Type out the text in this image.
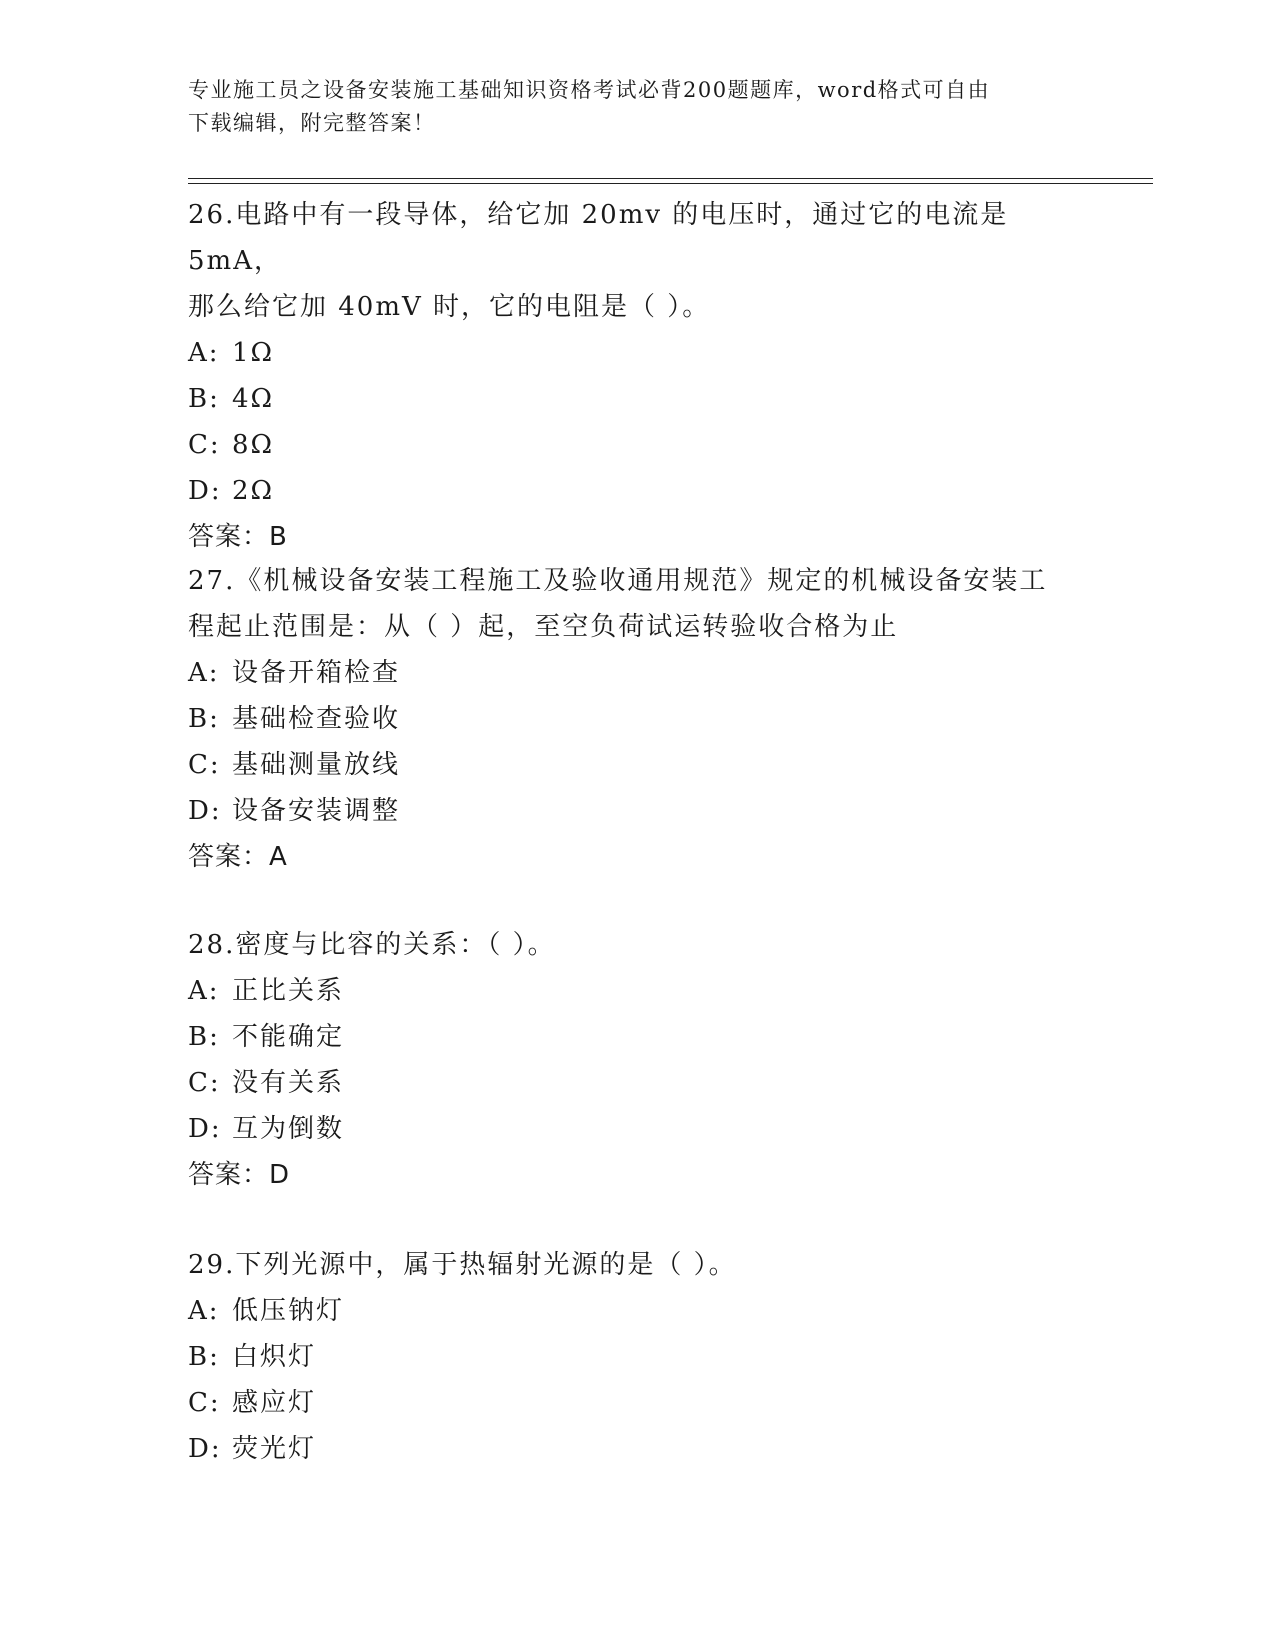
专业施工员之设备安装施工基础知识资格考试必背200题题库，word格式可自由
下载编辑，附完整答案！

26.电路中有一段导体，给它加 20mv 的电压时，通过它的电流是 5mA，

那么给它加 40mV 时，它的电阻是（ ）。

A: 1Ω

B: 4Ω

C: 8Ω

D: 2Ω

答案：B

27.《机械设备安装工程施工及验收通用规范》规定的机械设备安装工

程起止范围是：从（ ）起，至空负荷试运转验收合格为止

A: 设备开箱检查

B: 基础检查验收

C: 基础测量放线

D: 设备安装调整

答案：A

28.密度与比容的关系：（ ）。

A: 正比关系

B: 不能确定

C: 没有关系

D: 互为倒数

答案：D

29.下列光源中，属于热辐射光源的是（ ）。

A: 低压钠灯

B: 白炽灯

C: 感应灯

D: 荧光灯
